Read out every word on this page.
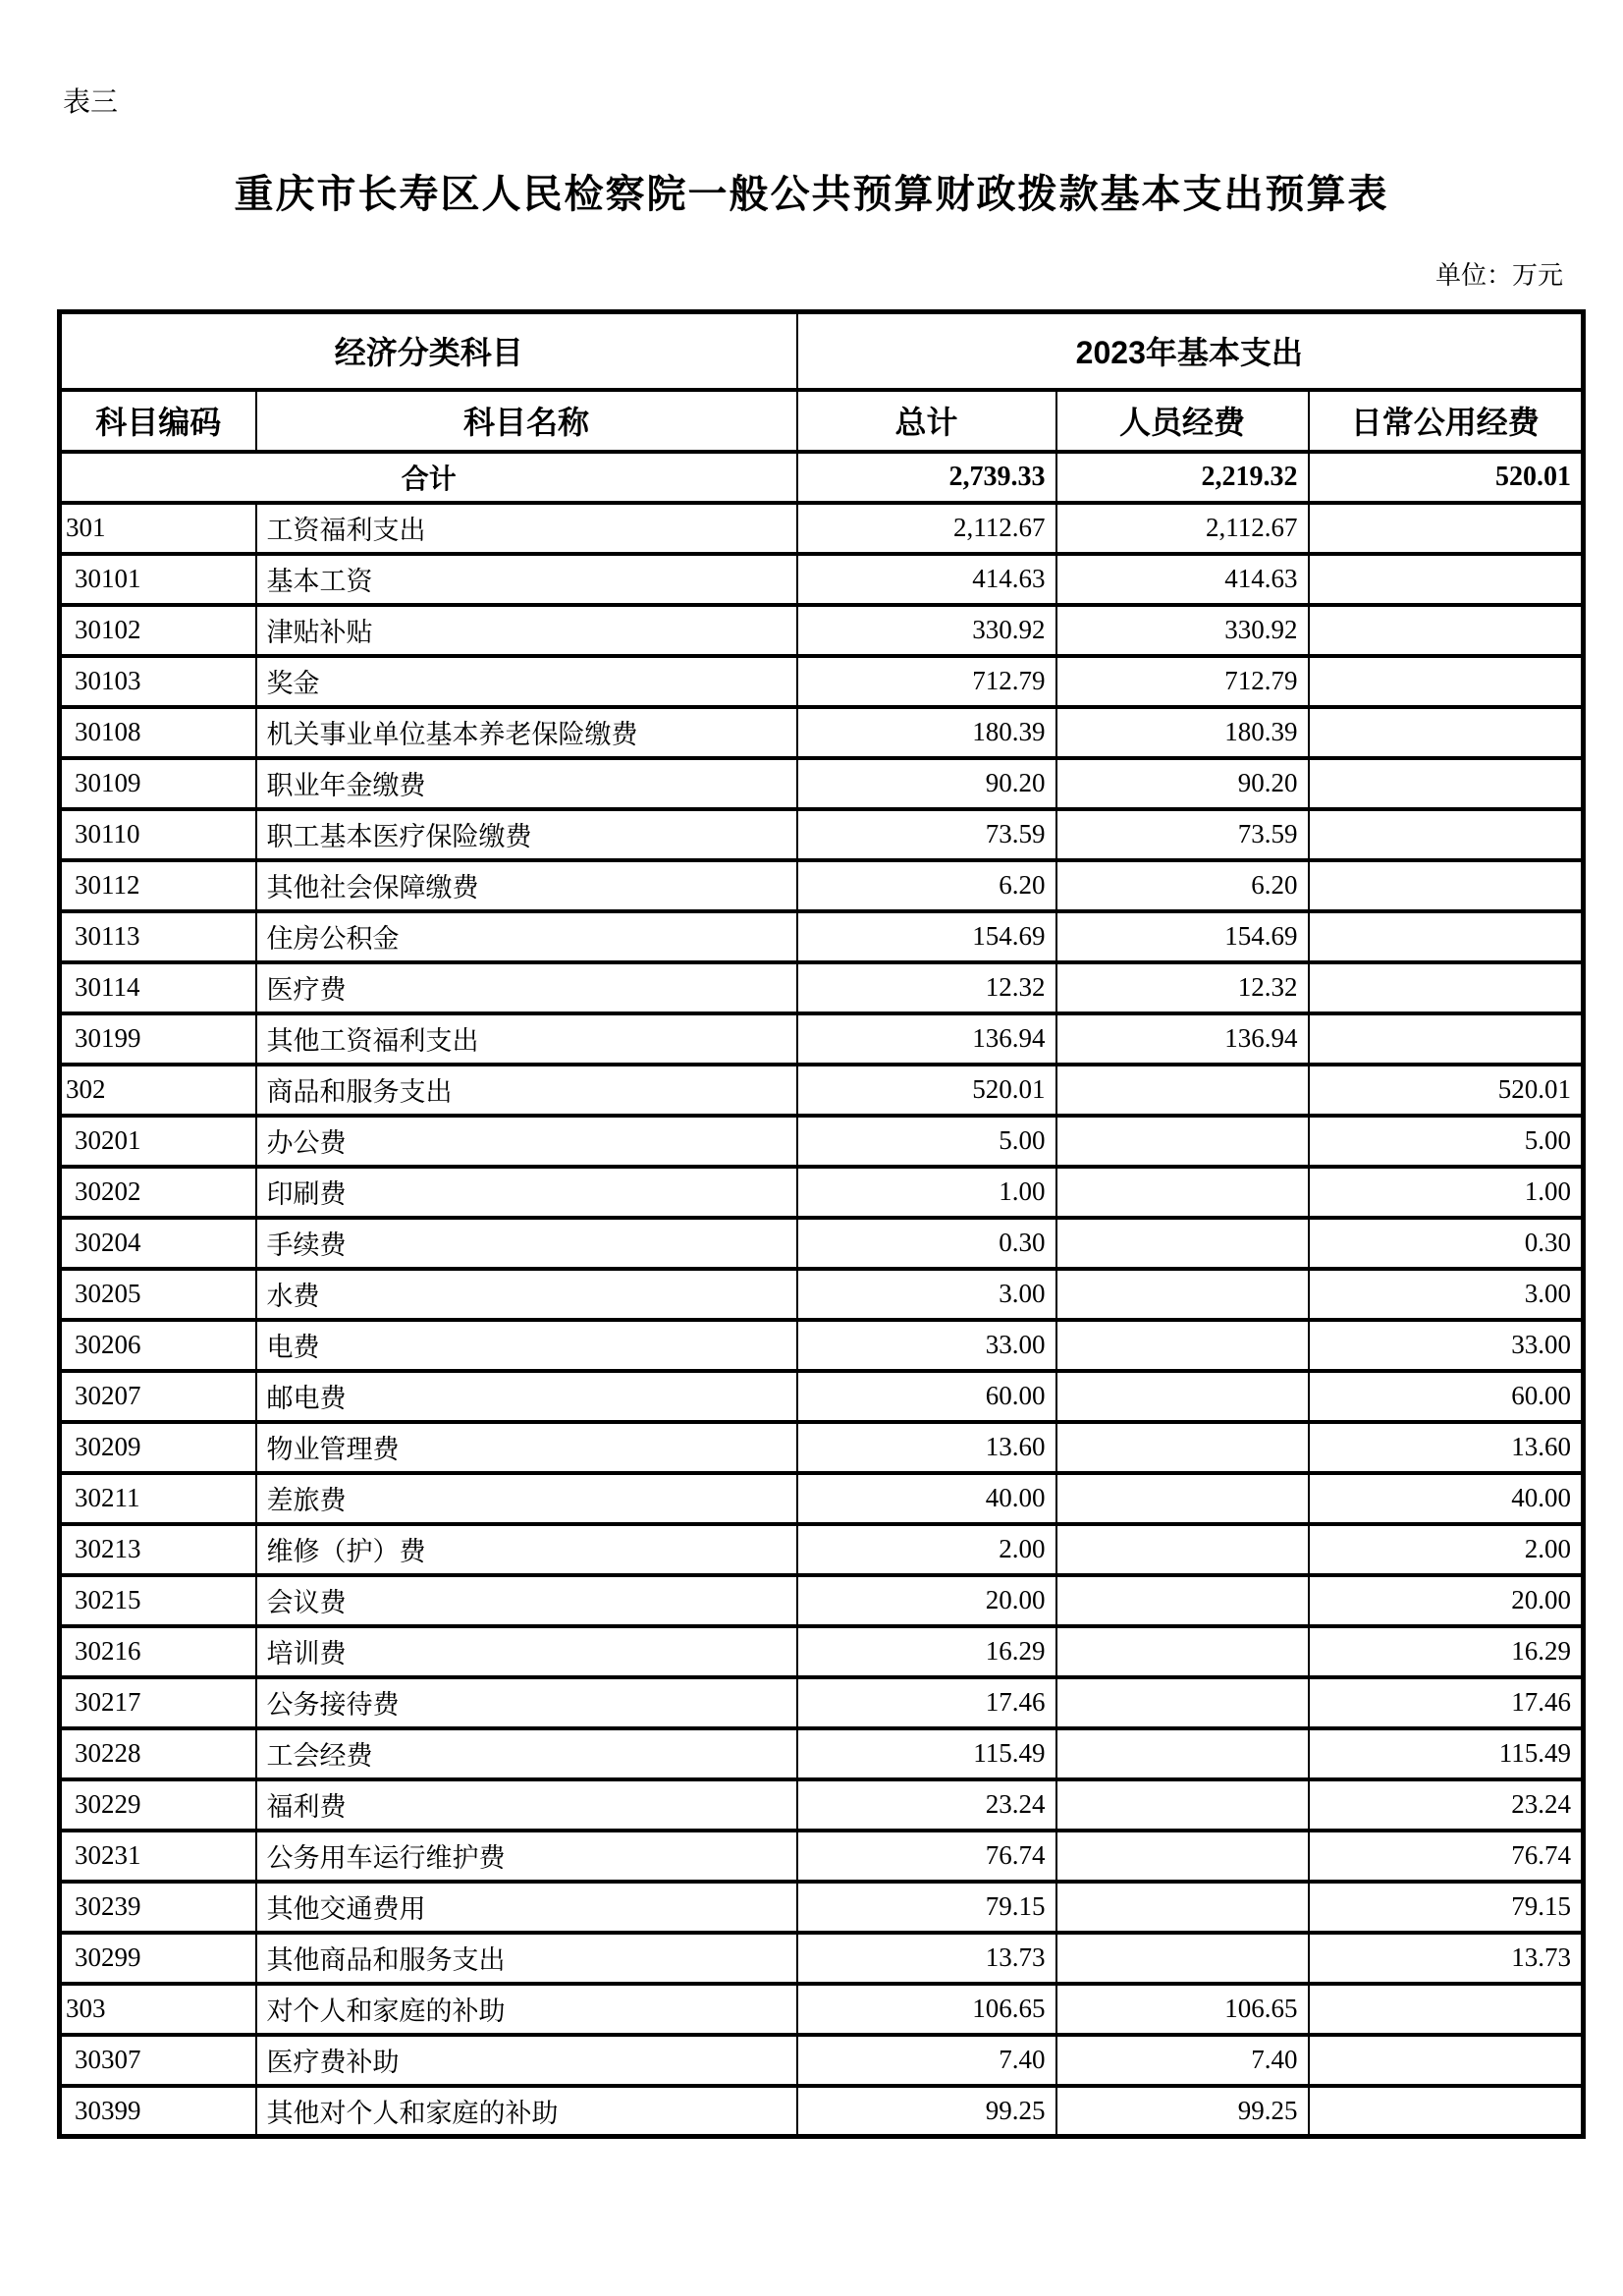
表三
重庆市长寿区人民检察院一般公共预算财政拨款基本支出预算表
单位：万元
经济分类科目		2023年基本支出		
科目编码	科目名称	总计	人员经费	日常公用经费
合计		2,739.33	2,219.32	520.01
301	工资福利支出	2,112.67	2,112.67	
30101	基本工资	414.63	414.63	
30102	津贴补贴	330.92	330.92	
30103	奖金	712.79	712.79	
30108	机关事业单位基本养老保险缴费	180.39	180.39	
30109	职业年金缴费	90.20	90.20	
30110	职工基本医疗保险缴费	73.59	73.59	
30112	其他社会保障缴费	6.20	6.20	
30113	住房公积金	154.69	154.69	
30114	医疗费	12.32	12.32	
30199	其他工资福利支出	136.94	136.94	
302	商品和服务支出	520.01		520.01
30201	办公费	5.00		5.00
30202	印刷费	1.00		1.00
30204	手续费	0.30		0.30
30205	水费	3.00		3.00
30206	电费	33.00		33.00
30207	邮电费	60.00		60.00
30209	物业管理费	13.60		13.60
30211	差旅费	40.00		40.00
30213	维修（护）费	2.00		2.00
30215	会议费	20.00		20.00
30216	培训费	16.29		16.29
30217	公务接待费	17.46		17.46
30228	工会经费	115.49		115.49
30229	福利费	23.24		23.24
30231	公务用车运行维护费	76.74		76.74
30239	其他交通费用	79.15		79.15
30299	其他商品和服务支出	13.73		13.73
303	对个人和家庭的补助	106.65	106.65	
30307	医疗费补助	7.40	7.40	
30399	其他对个人和家庭的补助	99.25	99.25	
